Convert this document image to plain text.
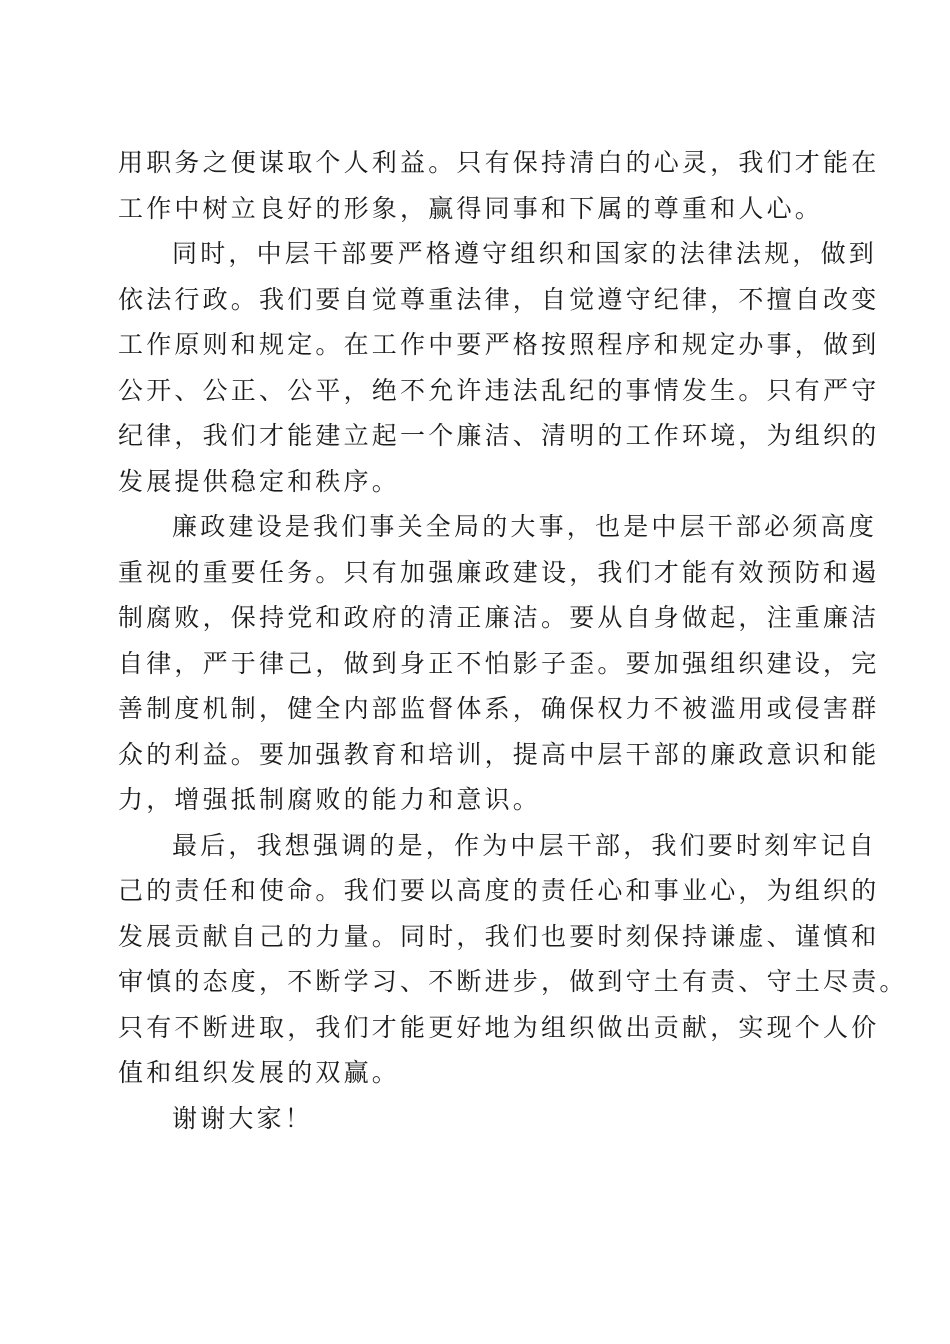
用职务之便谋取个人利益。只有保持清白的心灵，我们才能在
工作中树立良好的形象，赢得同事和下属的尊重和人心。
同时，中层干部要严格遵守组织和国家的法律法规，做到
依法行政。我们要自觉尊重法律，自觉遵守纪律，不擅自改变
工作原则和规定。在工作中要严格按照程序和规定办事，做到
公开、公正、公平，绝不允许违法乱纪的事情发生。只有严守
纪律，我们才能建立起一个廉洁、清明的工作环境，为组织的
发展提供稳定和秩序。
廉政建设是我们事关全局的大事，也是中层干部必须高度
重视的重要任务。只有加强廉政建设，我们才能有效预防和遏
制腐败，保持党和政府的清正廉洁。要从自身做起，注重廉洁
自律，严于律己，做到身正不怕影子歪。要加强组织建设，完
善制度机制，健全内部监督体系，确保权力不被滥用或侵害群
众的利益。要加强教育和培训，提高中层干部的廉政意识和能
力，增强抵制腐败的能力和意识。
最后，我想强调的是，作为中层干部，我们要时刻牢记自
己的责任和使命。我们要以高度的责任心和事业心，为组织的
发展贡献自己的力量。同时，我们也要时刻保持谦虚、谨慎和
审慎的态度，不断学习、不断进步，做到守土有责、守土尽责。
只有不断进取，我们才能更好地为组织做出贡献，实现个人价
值和组织发展的双赢。
谢谢大家！
